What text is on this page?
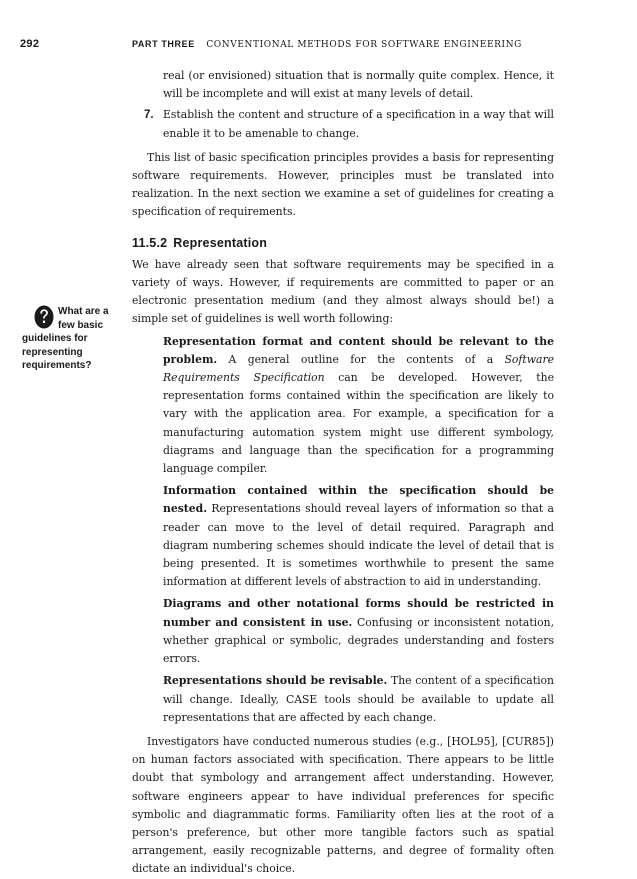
292	PART THREE CONVENTIONAL METHODS FOR SOFTWARE ENGINEERING
What are a
few basic
guidelines for
representing
requirements?

real (or envisioned) situation that is normally quite complex. Hence, it will be incomplete and will exist at many levels of detail.

7. Establish the content and structure of a specification in a way that will enable it to be amenable to change.

This list of basic specification principles provides a basis for representing software requirements. However, principles must be translated into realization. In the next section we examine a set of guidelines for creating a specification of requirements.

11.5.2 Representation

We have already seen that software requirements may be specified in a variety of ways. However, if requirements are committed to paper or an electronic presentation medium (and they almost always should be!) a simple set of guidelines is well worth following:

Representation format and content should be relevant to the problem. A general outline for the contents of a Software Requirements Specification can be developed. However, the representation forms contained within the specification are likely to vary with the application area. For example, a specification for a manufacturing automation system might use different symbology, diagrams and language than the specification for a programming language compiler.

Information contained within the specification should be nested. Representations should reveal layers of information so that a reader can move to the level of detail required. Paragraph and diagram numbering schemes should indicate the level of detail that is being presented. It is sometimes worthwhile to present the same information at different levels of abstraction to aid in understanding.

Diagrams and other notational forms should be restricted in number and consistent in use. Confusing or inconsistent notation, whether graphical or symbolic, degrades understanding and fosters errors.

Representations should be revisable. The content of a specification will change. Ideally, CASE tools should be available to update all representations that are affected by each change.

Investigators have conducted numerous studies (e.g., [HOL95], [CUR85]) on human factors associated with specification. There appears to be little doubt that symbology and arrangement affect understanding. However, software engineers appear to have individual preferences for specific symbolic and diagrammatic forms. Familiarity often lies at the root of a person's preference, but other more tangible factors such as spatial arrangement, easily recognizable patterns, and degree of formality often dictate an individual's choice.
